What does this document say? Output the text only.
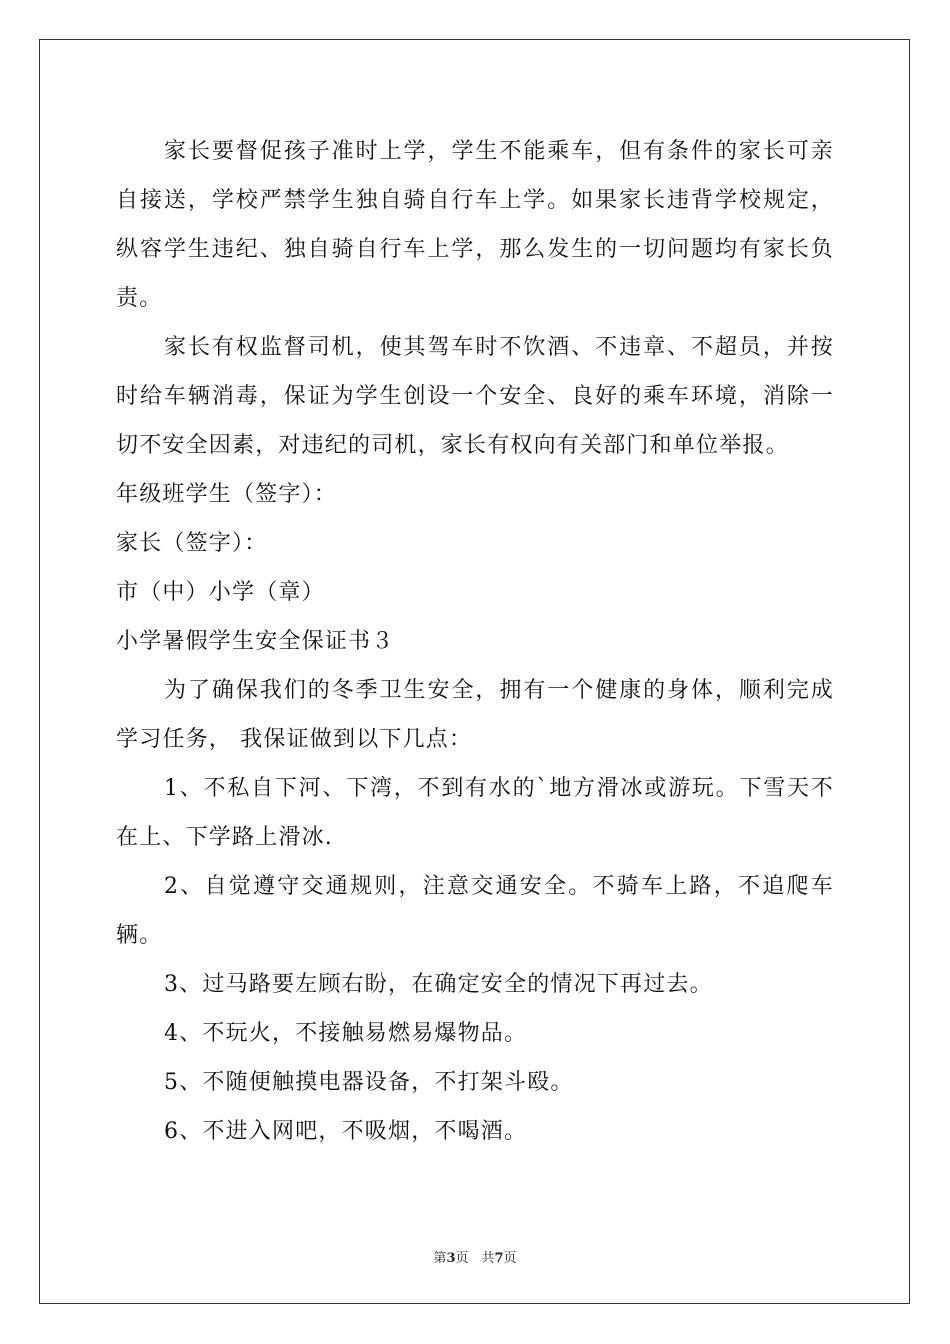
家长要督促孩子准时上学，学生不能乘车，但有条件的家长可亲自接送，学校严禁学生独自骑自行车上学。如果家长违背学校规定，纵容学生违纪、独自骑自行车上学，那么发生的一切问题均有家长负责。

家长有权监督司机，使其驾车时不饮酒、不违章、不超员，并按时给车辆消毒，保证为学生创设一个安全、良好的乘车环境，消除一切不安全因素，对违纪的司机，家长有权向有关部门和单位举报。

年级班学生（签字）：

家长（签字）：

市（中）小学（章）

小学暑假学生安全保证书３

为了确保我们的冬季卫生安全，拥有一个健康的身体，顺利完成学习任务， 我保证做到以下几点：

1、不私自下河、下湾，不到有水的`地方滑冰或游玩。下雪天不在上、下学路上滑冰.

2、自觉遵守交通规则，注意交通安全。不骑车上路，不追爬车辆。

3、过马路要左顾右盼，在确定安全的情况下再过去。

4、不玩火，不接触易燃易爆物品。

5、不随便触摸电器设备，不打架斗殴。

6、不进入网吧，不吸烟，不喝酒。

第3页　共7页
